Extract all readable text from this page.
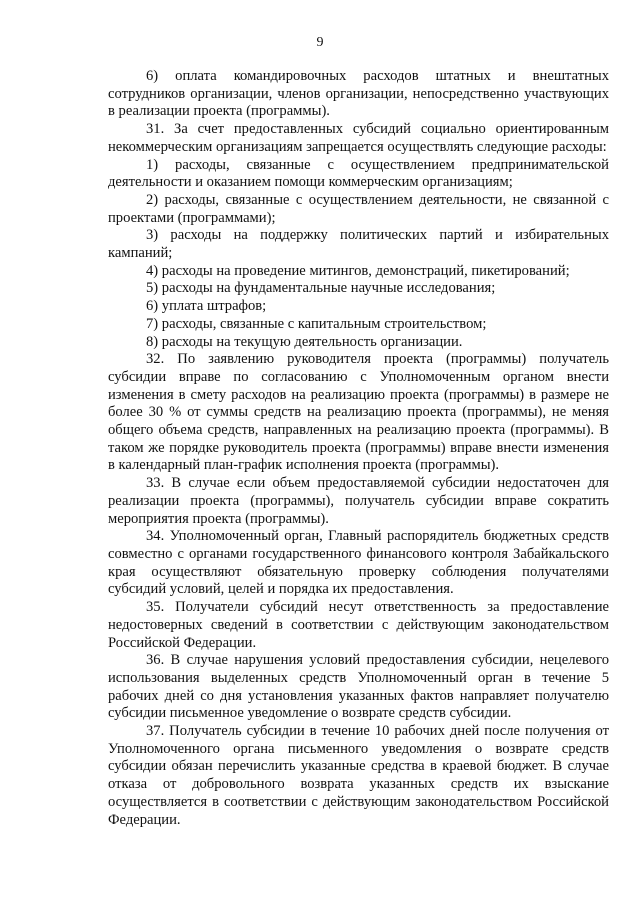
9

6) оплата командировочных расходов штатных и внештатных сотрудников организации, членов организации, непосредственно участвующих в реализации проекта (программы).

31. За счет предоставленных субсидий социально ориентированным некоммерческим организациям запрещается осуществлять следующие расходы:

1) расходы, связанные с осуществлением предпринимательской деятельности и оказанием помощи коммерческим организациям;

2) расходы, связанные с осуществлением деятельности, не связанной с проектами (программами);

3) расходы на поддержку политических партий и избирательных кампаний;

4) расходы на проведение митингов, демонстраций, пикетирований;

5) расходы на фундаментальные научные исследования;

6) уплата штрафов;

7) расходы, связанные с капитальным строительством;

8) расходы на текущую деятельность организации.

32. По заявлению руководителя проекта (программы) получатель субсидии вправе по согласованию с Уполномоченным органом внести изменения в смету расходов на реализацию проекта (программы) в размере не более 30 % от суммы средств на реализацию проекта (программы), не меняя общего объема средств, направленных на реализацию проекта (программы). В таком же порядке руководитель проекта (программы) вправе внести изменения в календарный план-график исполнения проекта (программы).

33. В случае если объем предоставляемой субсидии недостаточен для реализации проекта (программы), получатель субсидии вправе сократить мероприятия проекта (программы).

34. Уполномоченный орган, Главный распорядитель бюджетных средств совместно с органами государственного финансового контроля Забайкальского края осуществляют обязательную проверку соблюдения получателями субсидий условий, целей и порядка их предоставления.

35. Получатели субсидий несут ответственность за предоставление недостоверных сведений в соответствии с действующим законодательством Российской Федерации.

36. В случае нарушения условий предоставления субсидии, нецелевого использования выделенных средств Уполномоченный орган в течение 5 рабочих дней со дня установления указанных фактов направляет получателю субсидии письменное уведомление о возврате средств субсидии.

37. Получатель субсидии в течение 10 рабочих дней после получения от Уполномоченного органа письменного уведомления о возврате средств субсидии обязан перечислить указанные средства в краевой бюджет. В случае отказа от добровольного возврата указанных средств их взыскание осуществляется в соответствии с действующим законодательством Российской Федерации.
